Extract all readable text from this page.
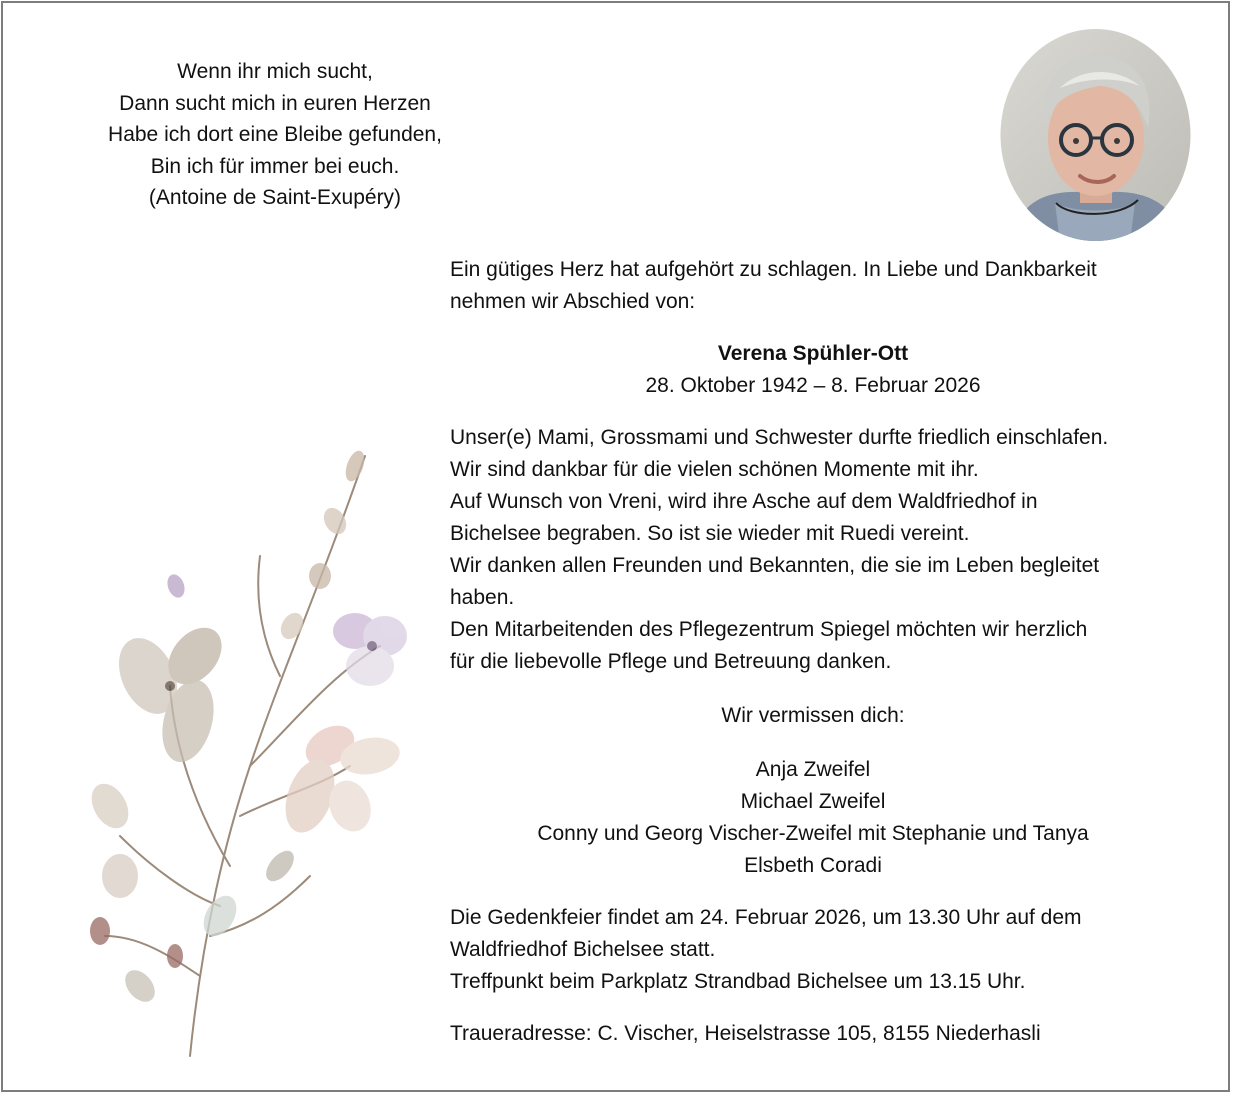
Wenn ihr mich sucht,
Dann sucht mich in euren Herzen
Habe ich dort eine Bleibe gefunden,
Bin ich für immer bei euch.
(Antoine de Saint-Exupéry)

Ein gütiges Herz hat aufgehört zu schlagen. In Liebe und Dankbarkeit
nehmen wir Abschied von:

Verena Spühler-Ott

28. Oktober 1942 – 8. Februar 2026

Unser(e) Mami, Grossmami und Schwester durfte friedlich einschlafen.
Wir sind dankbar für die vielen schönen Momente mit ihr.
Auf Wunsch von Vreni, wird ihre Asche auf dem Waldfriedhof in
Bichelsee begraben. So ist sie wieder mit Ruedi vereint.
Wir danken allen Freunden und Bekannten, die sie im Leben begleitet
haben.
Den Mitarbeitenden des Pflegezentrum Spiegel möchten wir herzlich
für die liebevolle Pflege und Betreuung danken.

Wir vermissen dich:

Anja Zweifel
Michael Zweifel
Conny und Georg Vischer-Zweifel mit Stephanie und Tanya
Elsbeth Coradi

Die Gedenkfeier findet am 24. Februar 2026, um 13.30 Uhr auf dem
Waldfriedhof Bichelsee statt.
Treffpunkt beim Parkplatz Strandbad Bichelsee um 13.15 Uhr.

Traueradresse: C. Vischer, Heiselstrasse 105, 8155 Niederhasli
